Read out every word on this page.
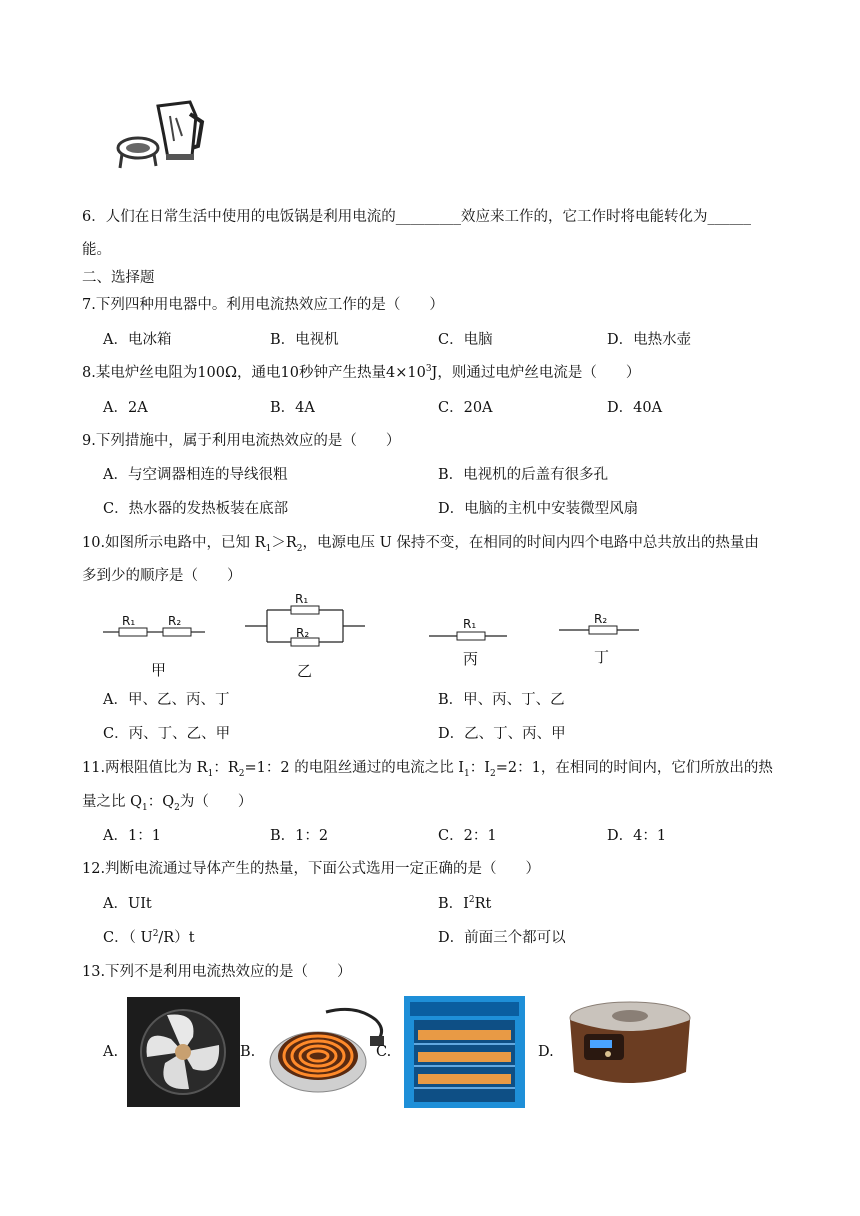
6．人们在日常生活中使用的电饭锅是利用电流的_________效应来工作的，它工作时将电能转化为______
能。
二、选择题
7.下列四种用电器中。利用电流热效应工作的是（　　）
A．电冰箱	B．电视机	C．电脑	D．电热水壶
8.某电炉丝电阻为100Ω，通电10秒钟产生热量$4\times 10^3J$，则通过电炉丝电流是（　　）
A．2A	B．4A	C．20A	D．40A
9.下列措施中，属于利用电流热效应的是（　　）
A．与空调器相连的导线很粗	B．电视机的后盖有很多孔
C．热水器的发热板装在底部	D．电脑的主机中安装微型风扇
10.如图所示电路中，已知 $R_1>R_2$，电源电压 U 保持不变，在相同的时间内四个电路中总共放出的热量由
多到少的顺序是（　　）
R₁	R₂
甲
R₁
R₂
乙
R₁
丙
R₂
丁
A．甲、乙、丙、丁	B．甲、丙、丁、乙
C．丙、丁、乙、甲	D．乙、丁、丙、甲
11.两根阻值比为 $R_1$：$R_2=1$：2 的电阻丝通过的电流之比 $I_1$：$I_2=2$：1，在相同的时间内，它们所放出的热
量之比 $Q_1$：$Q_2$为（　　）
A．1：1	B．1：2	C．2：1	D．4：1
12.判断电流通过导体产生的热量，下面公式选用一定正确的是（　　）
A．UIt	B．$I^2Rt$
C．（ $U^2/R)t$	D．前面三个都可以
13.下列不是利用电流热效应的是（　　）
A.	B.	C.	D.
